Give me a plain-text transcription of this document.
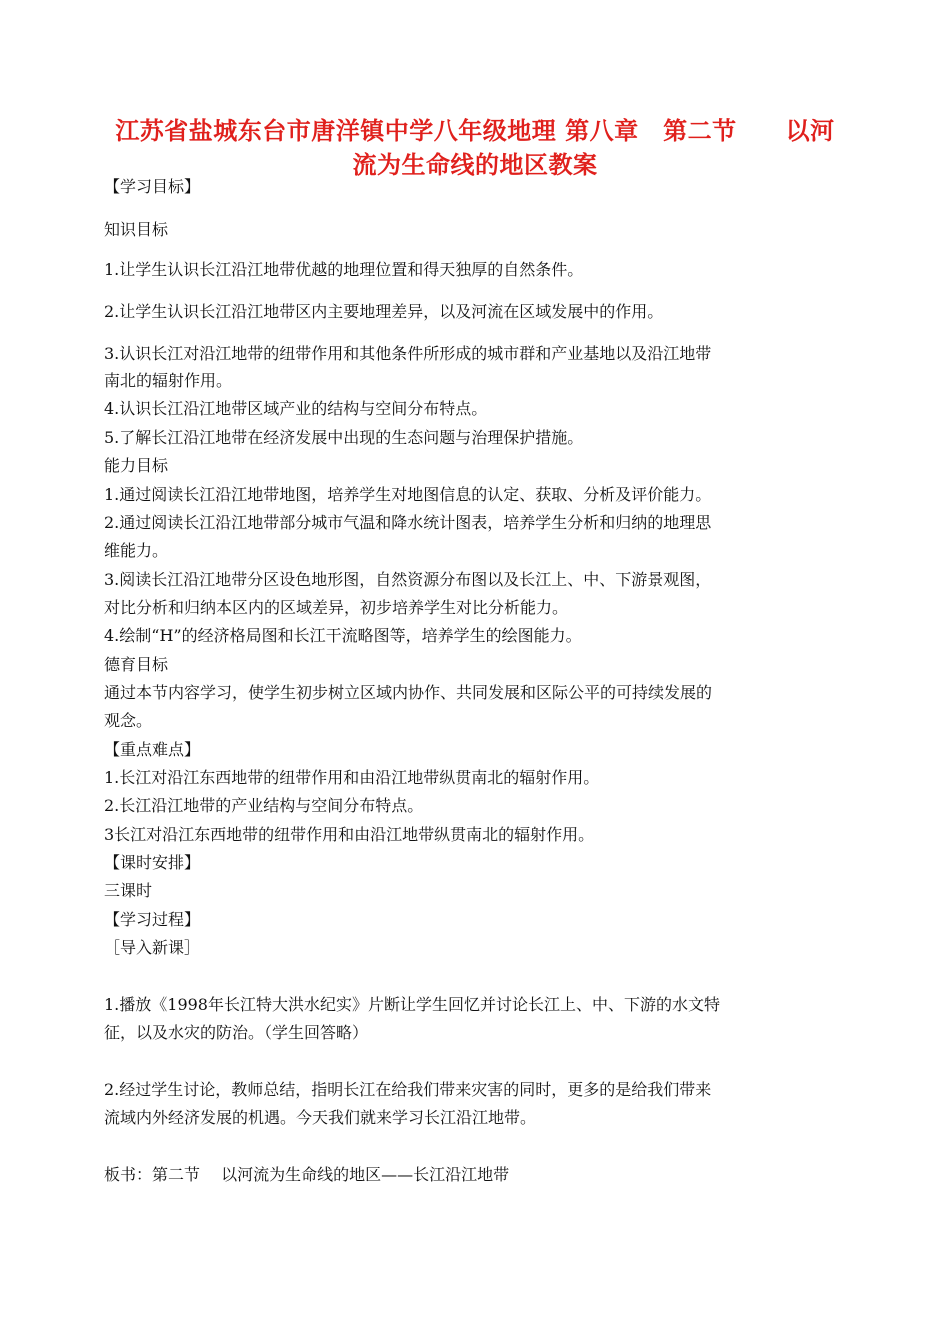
江苏省盐城东台市唐洋镇中学八年级地理 第八章　第二节　　以河
流为生命线的地区教案
【学习目标】
知识目标
1.让学生认识长江沿江地带优越的地理位置和得天独厚的自然条件。
2.让学生认识长江沿江地带区内主要地理差异，以及河流在区域发展中的作用。
3.认识长江对沿江地带的纽带作用和其他条件所形成的城市群和产业基地以及沿江地带
南北的辐射作用。
4.认识长江沿江地带区域产业的结构与空间分布特点。
5.了解长江沿江地带在经济发展中出现的生态问题与治理保护措施。
能力目标
1.通过阅读长江沿江地带地图，培养学生对地图信息的认定、获取、分析及评价能力。
2.通过阅读长江沿江地带部分城市气温和降水统计图表，培养学生分析和归纳的地理思
维能力。
3.阅读长江沿江地带分区设色地形图，自然资源分布图以及长江上、中、下游景观图，
对比分析和归纳本区内的区域差异，初步培养学生对比分析能力。
4.绘制“H”的经济格局图和长江干流略图等，培养学生的绘图能力。
德育目标
通过本节内容学习，使学生初步树立区域内协作、共同发展和区际公平的可持续发展的
观念。
【重点难点】
1.长江对沿江东西地带的纽带作用和由沿江地带纵贯南北的辐射作用。
2.长江沿江地带的产业结构与空间分布特点。
3长江对沿江东西地带的纽带作用和由沿江地带纵贯南北的辐射作用。
【课时安排】
三课时
【学习过程】
［导入新课］
1.播放《1998年长江特大洪水纪实》片断让学生回忆并讨论长江上、中、下游的水文特
征，以及水灾的防治。（学生回答略）
2.经过学生讨论，教师总结，指明长江在给我们带来灾害的同时，更多的是给我们带来
流域内外经济发展的机遇。今天我们就来学习长江沿江地带。
板书：第二节　 以河流为生命线的地区——长江沿江地带
